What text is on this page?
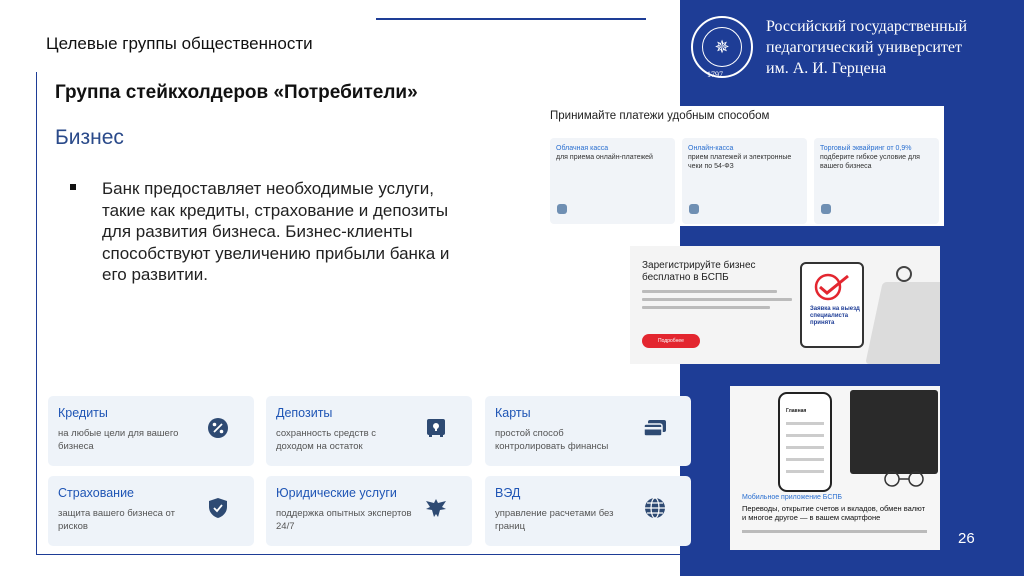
Целевые группы общественности
Группа стейкхолдеров «Потребители»
Бизнес
Банк предоставляет необходимые услуги, такие как кредиты, страхование и депозиты для развития бизнеса. Бизнес-клиенты способствуют увеличению прибыли банка и его развитии.
✵
1797
Российский государственный
педагогический университет
им. А. И. Герцена
26
Принимайте платежи удобным способом
Облачная касса
для приема онлайн-платежей
Онлайн-касса
прием платежей и электронные чеки по 54-ФЗ
Торговый эквайринг от 0,9%
подберите гибкое условие для вашего бизнеса
Зарегистрируйте бизнес бесплатно в БСПБ
Подробнее
Заявка на выезд специалиста принята
Главная
Мобильное приложение БСПБ
Переводы, открытие счетов и вкладов, обмен валют и многое другое — в вашем смартфоне
Кредиты
на любые цели для вашего бизнеса
Депозиты
сохранность средств с доходом на остаток
Карты
простой способ контролировать финансы
Страхование
защита вашего бизнеса от рисков
Юридические услуги
поддержка опытных экспертов 24/7
ВЭД
управление расчетами без границ
